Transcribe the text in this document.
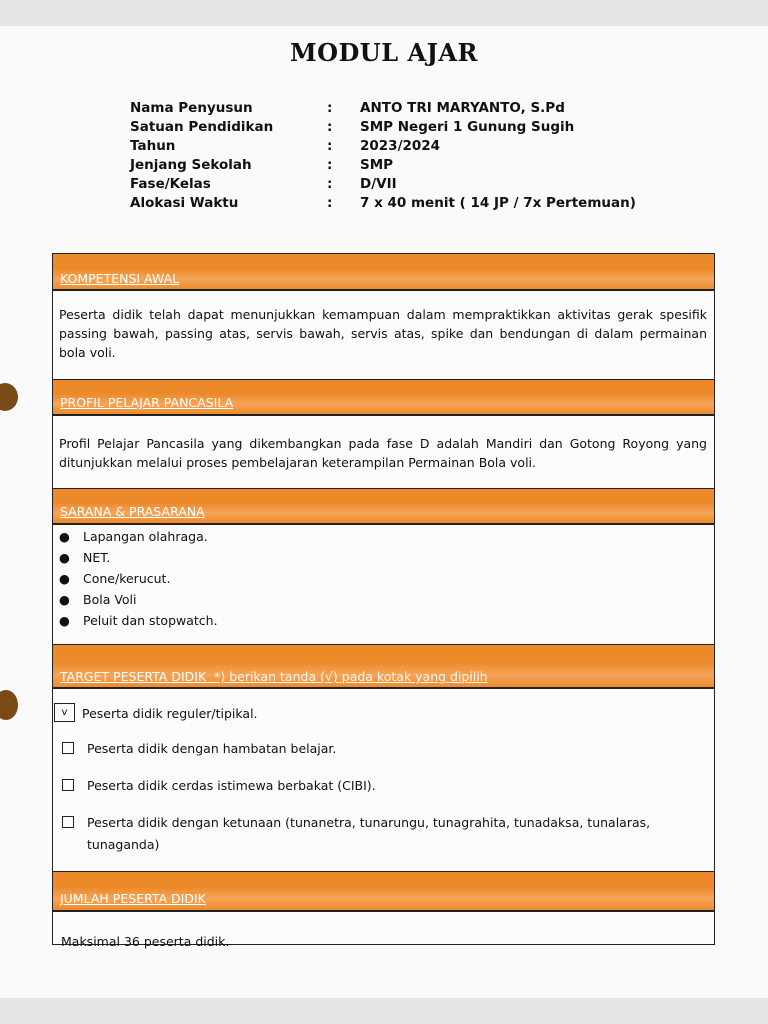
MODUL AJAR
Nama Penyusun	: ANTO TRI MARYANTO, S.Pd
Satuan Pendidikan	: SMP Negeri 1 Gunung Sugih
Tahun	: 2023/2024
Jenjang Sekolah	: SMP
Fase/Kelas	: D/VII
Alokasi Waktu	: 7 x 40 menit ( 14 JP / 7x Pertemuan)
KOMPETENSI AWAL
Peserta didik telah dapat menunjukkan kemampuan dalam mempraktikkan aktivitas gerak spesifik passing bawah, passing atas, servis bawah, servis atas, spike dan bendungan di dalam permainan bola voli.
PROFIL PELAJAR PANCASILA
Profil Pelajar Pancasila yang dikembangkan pada fase D adalah Mandiri dan Gotong Royong yang ditunjukkan melalui proses pembelajaran keterampilan Permainan Bola voli.
SARANA & PRASARANA
● Lapangan olahraga.
● NET.
● Cone/kerucut.
● Bola Voli
● Peluit dan stopwatch.
TARGET PESERTA DIDIK *) berikan tanda (√) pada kotak yang dipilih
v	Peserta didik reguler/tipikal.
Peserta didik dengan hambatan belajar.
Peserta didik cerdas istimewa berbakat (CIBI).
Peserta didik dengan ketunaan (tunanetra, tunarungu, tunagrahita, tunadaksa, tunalaras, tunaganda)
JUMLAH PESERTA DIDIK
Maksimal 36 peserta didik.
